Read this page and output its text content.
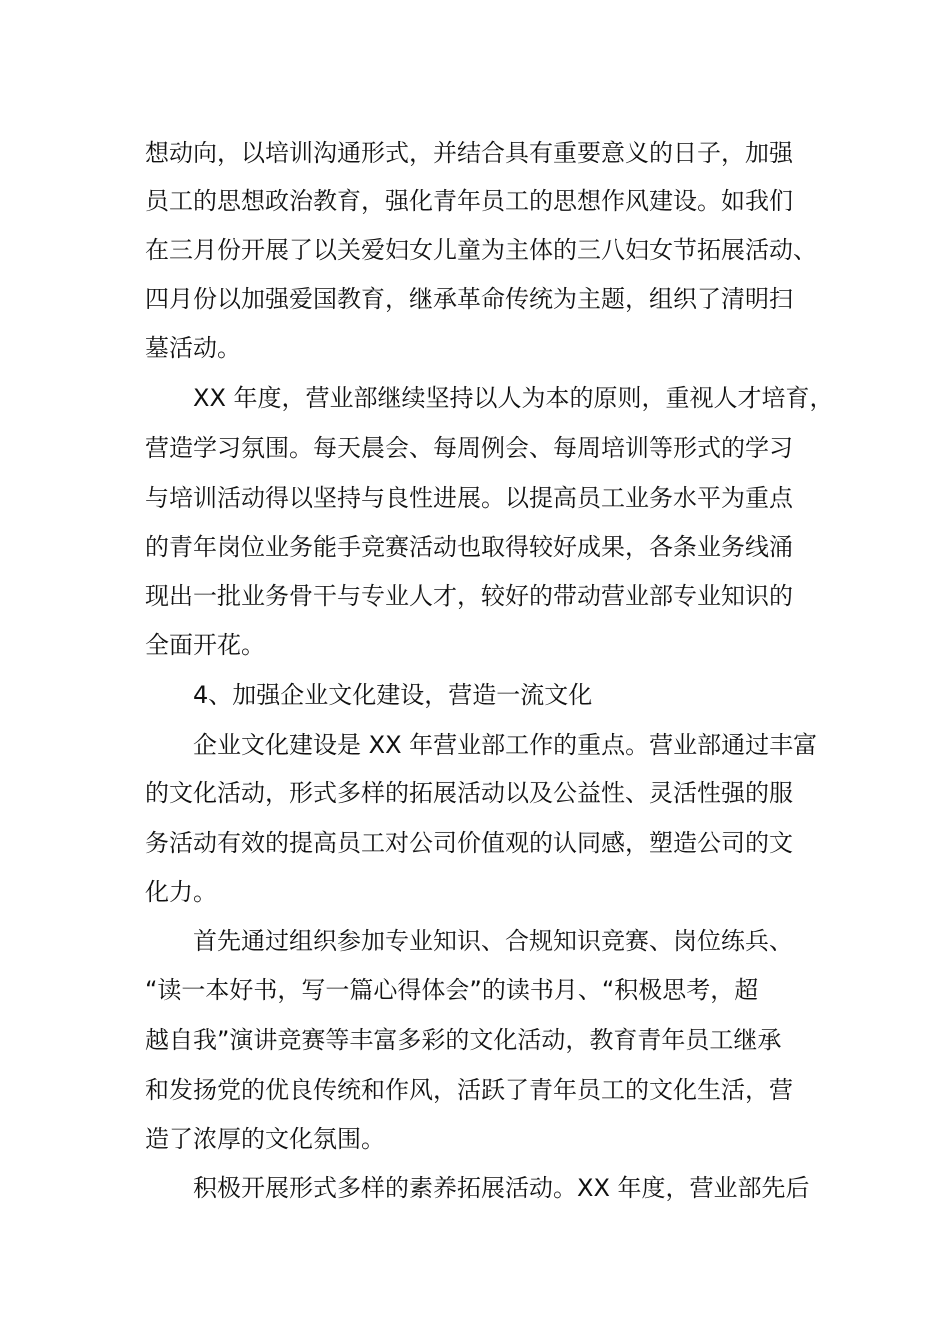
想动向，以培训沟通形式，并结合具有重要意义的日子，加强
员工的思想政治教育，强化青年员工的思想作风建设。如我们
在三月份开展了以关爱妇女儿童为主体的三八妇女节拓展活动、
四月份以加强爱国教育，继承革命传统为主题，组织了清明扫
墓活动。
XX 年度，营业部继续坚持以人为本的原则，重视人才培育，
营造学习氛围。每天晨会、每周例会、每周培训等形式的学习
与培训活动得以坚持与良性进展。以提高员工业务水平为重点
的青年岗位业务能手竞赛活动也取得较好成果，各条业务线涌
现出一批业务骨干与专业人才，较好的带动营业部专业知识的
全面开花。
4、加强企业文化建设，营造一流文化
企业文化建设是 XX 年营业部工作的重点。营业部通过丰富
的文化活动，形式多样的拓展活动以及公益性、灵活性强的服
务活动有效的提高员工对公司价值观的认同感，塑造公司的文
化力。
首先通过组织参加专业知识、合规知识竞赛、岗位练兵、
“读一本好书，写一篇心得体会”的读书月、“积极思考，超
越自我”演讲竞赛等丰富多彩的文化活动，教育青年员工继承
和发扬党的优良传统和作风，活跃了青年员工的文化生活，营
造了浓厚的文化氛围。
积极开展形式多样的素养拓展活动。XX 年度，营业部先后
